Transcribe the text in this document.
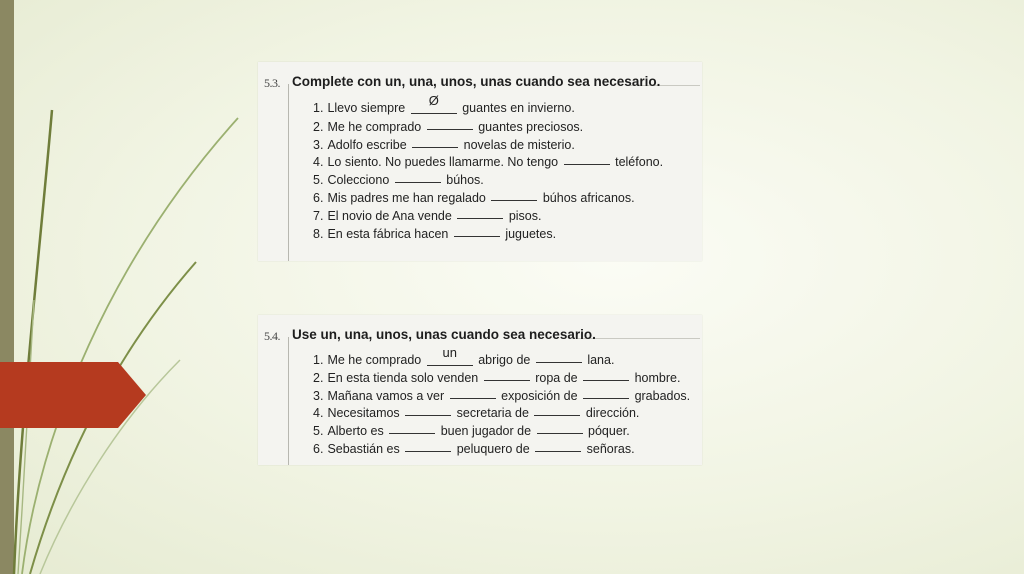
5.3. Complete con un, una, unos, unas cuando sea necesario.
1. Llevo siempre Ø guantes en invierno.
2. Me he comprado	guantes preciosos.
3. Adolfo escribe	novelas de misterio.
4. Lo siento. No puedes llamarme. No tengo	teléfono.
5. Colecciono	búhos.
6. Mis padres me han regalado	búhos africanos.
7. El novio de Ana vende	pisos.
8. En esta fábrica hacen	juguetes.
5.4. Use un, una, unos, unas cuando sea necesario.
1. Me he comprado un abrigo de	lana.
2. En esta tienda solo venden	ropa de	hombre.
3. Mañana vamos a ver	exposición de	grabados.
4. Necesitamos	secretaria de	dirección.
5. Alberto es	buen jugador de	póquer.
6. Sebastián es	peluquero de	señoras.
